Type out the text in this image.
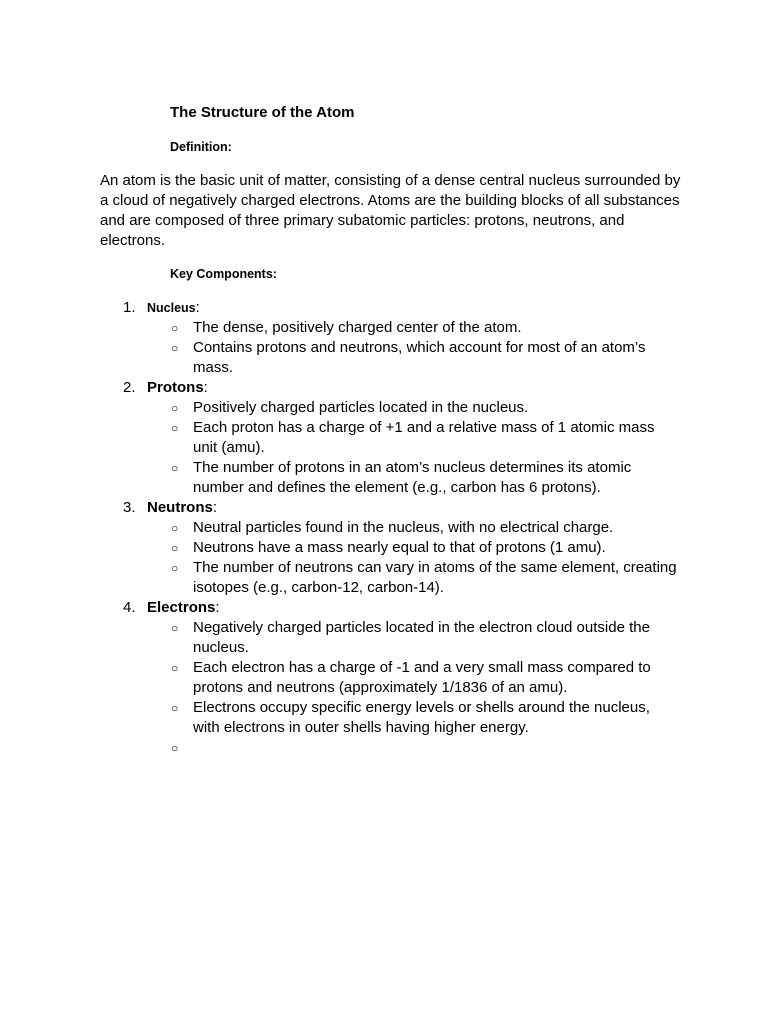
The Structure of the Atom
Definition:
An atom is the basic unit of matter, consisting of a dense central nucleus surrounded by a cloud of negatively charged electrons. Atoms are the building blocks of all substances and are composed of three primary subatomic particles: protons, neutrons, and electrons.
Key Components:
1. Nucleus:
○ The dense, positively charged center of the atom.
○ Contains protons and neutrons, which account for most of an atom’s mass.
2. Protons:
○ Positively charged particles located in the nucleus.
○ Each proton has a charge of +1 and a relative mass of 1 atomic mass unit (amu).
○ The number of protons in an atom’s nucleus determines its atomic number and defines the element (e.g., carbon has 6 protons).
3. Neutrons:
○ Neutral particles found in the nucleus, with no electrical charge.
○ Neutrons have a mass nearly equal to that of protons (1 amu).
○ The number of neutrons can vary in atoms of the same element, creating isotopes (e.g., carbon-12, carbon-14).
4. Electrons:
○ Negatively charged particles located in the electron cloud outside the nucleus.
○ Each electron has a charge of -1 and a very small mass compared to protons and neutrons (approximately 1/1836 of an amu).
○ Electrons occupy specific energy levels or shells around the nucleus, with electrons in outer shells having higher energy.
○
